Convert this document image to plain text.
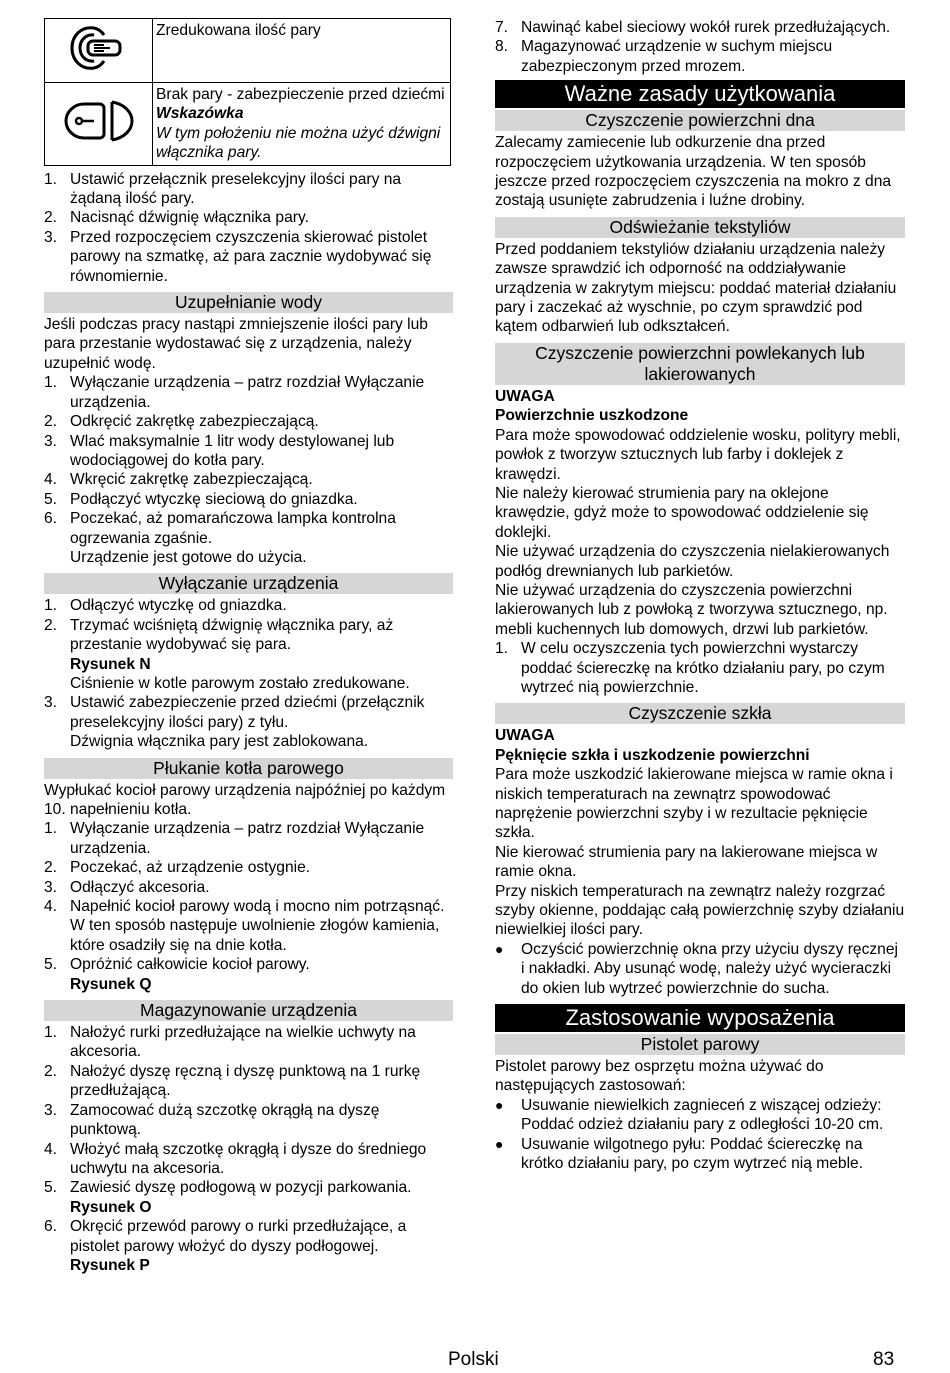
	Zredukowana ilość pary

Brak pary - zabezpieczenie przed dziećmi

Wskazówka

W tym położeniu nie można użyć dźwigni włącznika pary.

1. Ustawić przełącznik preselekcyjny ilości pary na żądaną ilość pary.
2. Nacisnąć dźwignię włącznika pary.
3. Przed rozpoczęciem czyszczenia skierować pistolet parowy na szmatkę, aż para zacznie wydobywać się równomiernie.
Uzupełnianie wody

Jeśli podczas pracy nastąpi zmniejszenie ilości pary lub para przestanie wydostawać się z urządzenia, należy uzupełnić wodę.

1. Wyłączanie urządzenia – patrz rozdział Wyłączanie urządzenia.
2. Odkręcić zakrętkę zabezpieczającą.
3. Wlać maksymalnie 1 litr wody destylowanej lub wodociągowej do kotła pary.
4. Wkręcić zakrętkę zabezpieczającą.
5. Podłączyć wtyczkę sieciową do gniazdka.
6. Poczekać, aż pomarańczowa lampka kontrolna ogrzewania zgaśnie.

Urządzenie jest gotowe do użycia.

Wyłączanie urządzenia
1. Odłączyć wtyczkę od gniazdka.
2. Trzymać wciśniętą dźwignię włącznika pary, aż przestanie wydobywać się para.
Rysunek N
Ciśnienie w kotle parowym zostało zredukowane.
3. Ustawić zabezpieczenie przed dziećmi (przełącznik preselekcyjny ilości pary) z tyłu.
Dźwignia włącznika pary jest zablokowana.
Płukanie kotła parowego

Wypłukać kocioł parowy urządzenia najpóźniej po każdym 10. napełnieniu kotła.

1. Wyłączanie urządzenia – patrz rozdział Wyłączanie urządzenia.
2. Poczekać, aż urządzenie ostygnie.
3. Odłączyć akcesoria.
4. Napełnić kocioł parowy wodą i mocno nim potrząsnąć. W ten sposób następuje uwolnienie złogów kamienia, które osadziły się na dnie kotła.
5. Opróżnić całkowicie kocioł parowy.

Rysunek Q

Magazynowanie urządzenia
1. Nałożyć rurki przedłużające na wielkie uchwyty na akcesoria.
2. Nałożyć dyszę ręczną i dyszę punktową na 1 rurkę przedłużającą.
3. Zamocować dużą szczotkę okrągłą na dyszę punktową.
4. Włożyć małą szczotkę okrągłą i dysze do średniego uchwytu na akcesoria.
5. Zawiesić dyszę podłogową w pozycji parkowania.
Rysunek O
6. Okręcić przewód parowy o rurki przedłużające, a pistolet parowy włożyć do dyszy podłogowej.
Rysunek P
7. Nawinąć kabel sieciowy wokół rurek przedłużających.
8. Magazynować urządzenie w suchym miejscu zabezpieczonym przed mrozem.
Ważne zasady użytkowania
Czyszczenie powierzchni dna

Zalecamy zamiecenie lub odkurzenie dna przed rozpoczęciem użytkowania urządzenia. W ten sposób jeszcze przed rozpoczęciem czyszczenia na mokro z dna zostają usunięte zabrudzenia i luźne drobiny.

Odświeżanie tekstyliów

Przed poddaniem tekstyliów działaniu urządzenia należy zawsze sprawdzić ich odporność na oddziaływanie urządzenia w zakrytym miejscu: poddać materiał działaniu pary i zaczekać aż wyschnie, po czym sprawdzić pod kątem odbarwień lub odkształceń.

Czyszczenie powierzchni powlekanych lub lakierowanych

UWAGA

Powierzchnie uszkodzone

Para może spowodować oddzielenie wosku, polityry mebli, powłok z tworzyw sztucznych lub farby i doklejek z krawędzi.

Nie należy kierować strumienia pary na oklejone krawędzie, gdyż może to spowodować oddzielenie się doklejki.

Nie używać urządzenia do czyszczenia nielakierowanych podłóg drewnianych lub parkietów.

Nie używać urządzenia do czyszczenia powierzchni lakierowanych lub z powłoką z tworzywa sztucznego, np. mebli kuchennych lub domowych, drzwi lub parkietów.

1. W celu oczyszczenia tych powierzchni wystarczy poddać ściereczkę na krótko działaniu pary, po czym wytrzeć nią powierzchnie.
Czyszczenie szkła

UWAGA

Pęknięcie szkła i uszkodzenie powierzchni

Para może uszkodzić lakierowane miejsca w ramie okna i niskich temperaturach na zewnątrz spowodować naprężenie powierzchni szyby i w rezultacie pęknięcie szkła.

Nie kierować strumienia pary na lakierowane miejsca w ramie okna.

Przy niskich temperaturach na zewnątrz należy rozgrzać szyby okienne, poddając całą powierzchnię szyby działaniu niewielkiej ilości pary.

●	Oczyścić powierzchnię okna przy użyciu dyszy ręcznej i nakładki. Aby usunąć wodę, należy użyć wycieraczki do okien lub wytrzeć powierzchnie do sucha.
Zastosowanie wyposażenia
Pistolet parowy

Pistolet parowy bez osprzętu można używać do następujących zastosowań:

●	Usuwanie niewielkich zagnieceń z wiszącej odzieży: Poddać odzież działaniu pary z odległości 10-20 cm.
●	Usuwanie wilgotnego pyłu: Poddać ściereczkę na krótko działaniu pary, po czym wytrzeć nią meble.
Polski	83
